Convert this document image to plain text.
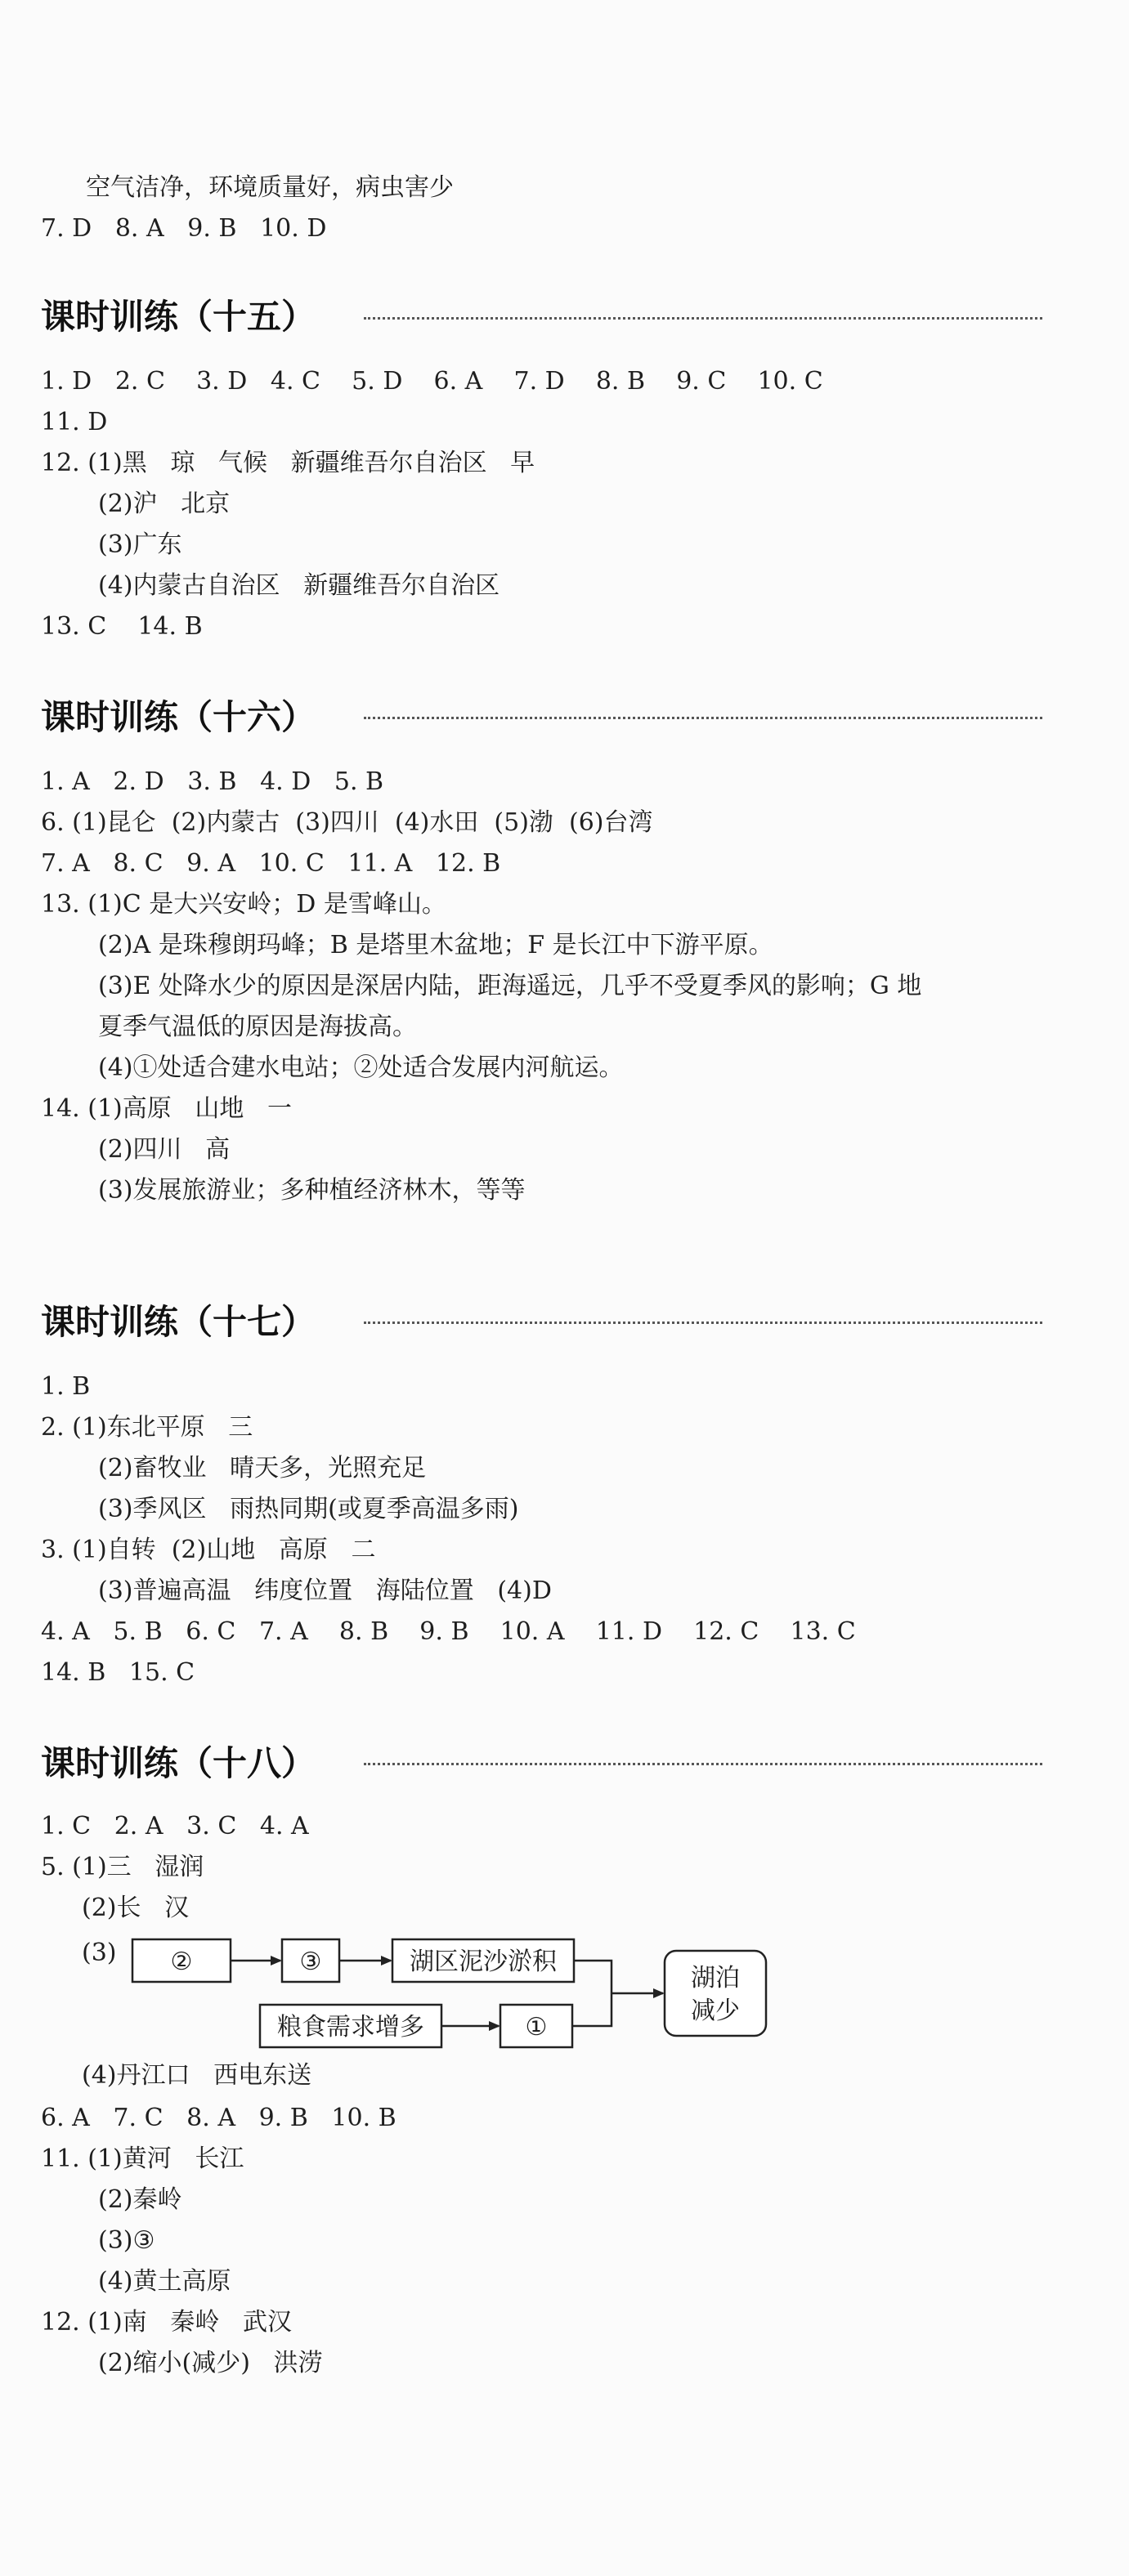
空气洁净，环境质量好，病虫害少
7. D   8. A   9. B   10. D
课时训练（十五）
1. D   2. C    3. D   4. C    5. D    6. A    7. D    8. B    9. C    10. C
11. D
12. (1)黑   琼   气候   新疆维吾尔自治区   早
(2)沪   北京
(3)广东
(4)内蒙古自治区   新疆维吾尔自治区
13. C    14. B
课时训练（十六）
1. A   2. D   3. B   4. D   5. B
6. (1)昆仑  (2)内蒙古  (3)四川  (4)水田  (5)渤  (6)台湾
7. A   8. C   9. A   10. C   11. A   12. B
13. (1)C 是大兴安岭；D 是雪峰山。
(2)A 是珠穆朗玛峰；B 是塔里木盆地；F 是长江中下游平原。
(3)E 处降水少的原因是深居内陆，距海遥远，几乎不受夏季风的影响；G 地
夏季气温低的原因是海拔高。
(4)①处适合建水电站；②处适合发展内河航运。
14. (1)高原   山地   一
(2)四川   高
(3)发展旅游业；多种植经济林木，等等
课时训练（十七）
1. B
2. (1)东北平原   三
(2)畜牧业   晴天多，光照充足
(3)季风区   雨热同期(或夏季高温多雨)
3. (1)自转  (2)山地   高原   二
(3)普遍高温   纬度位置   海陆位置   (4)D
4. A   5. B   6. C   7. A    8. B    9. B    10. A    11. D    12. C    13. C
14. B   15. C
课时训练（十八）
1. C   2. A   3. C   4. A
5. (1)三   湿润
(2)长   汉
(3) ②	③	湖区泥沙淤积
粮食需求增多	①
湖泊
减少
(4)丹江口   西电东送
6. A   7. C   8. A   9. B   10. B
11. (1)黄河   长江
(2)秦岭
(3)③
(4)黄土高原
12. (1)南   秦岭   武汉
(2)缩小(减少)   洪涝
